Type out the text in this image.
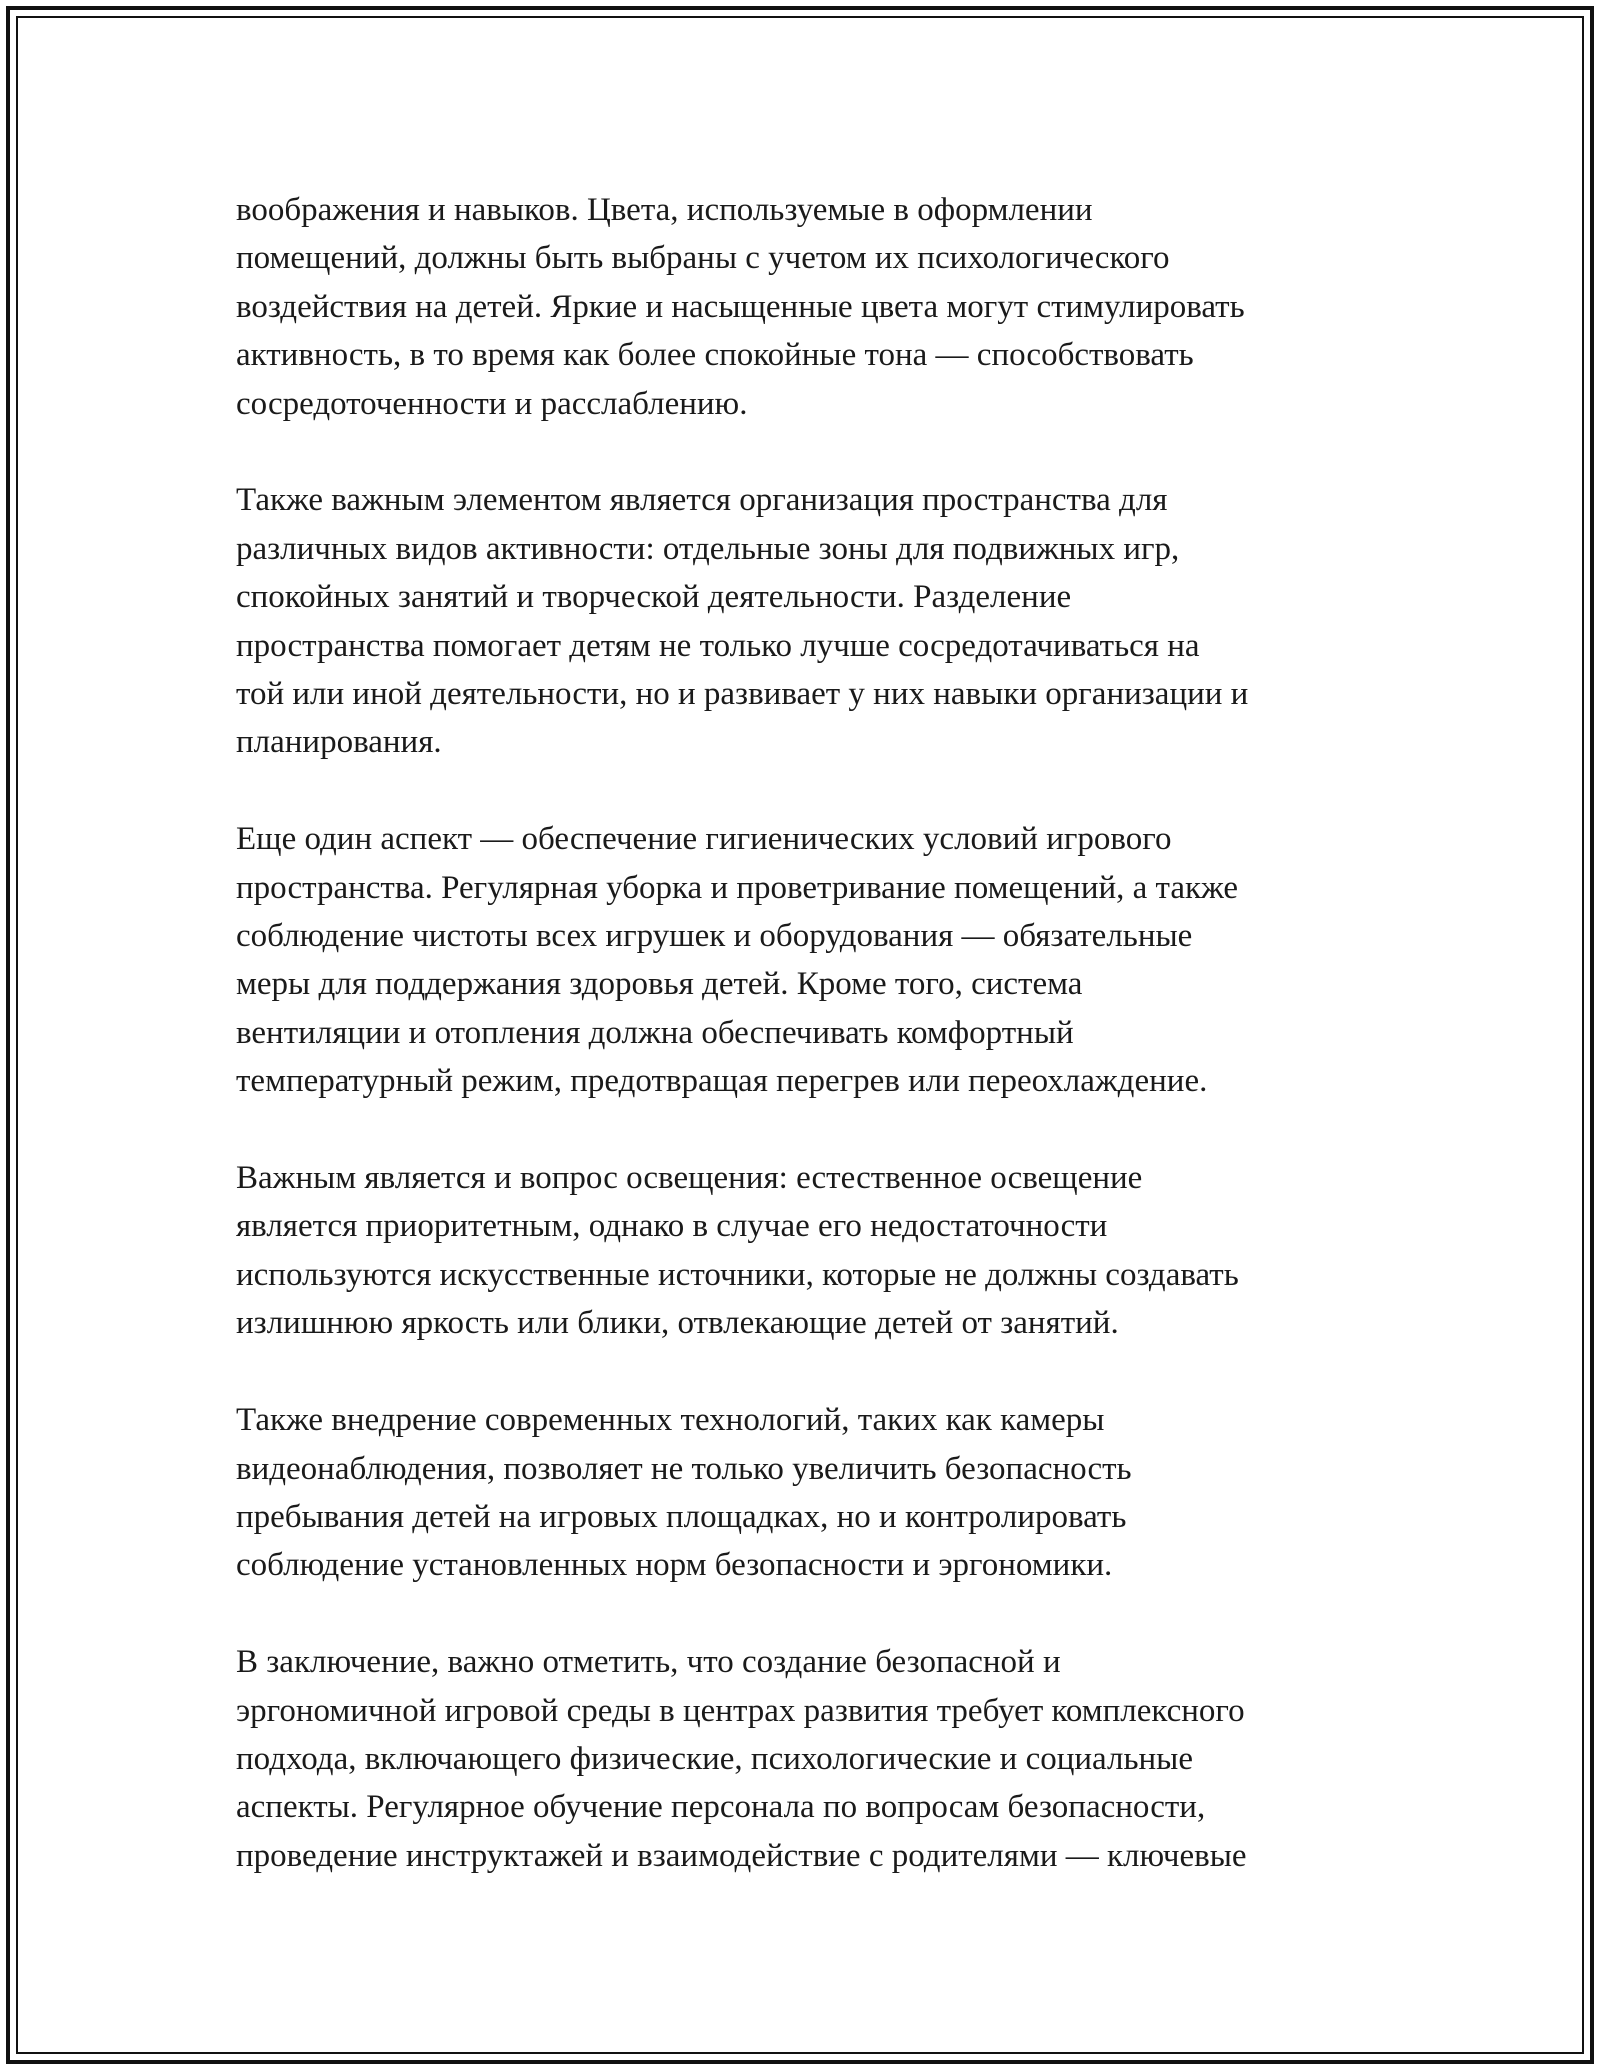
воображения и навыков. Цвета, используемые в оформлении
помещений, должны быть выбраны с учетом их психологического
воздействия на детей. Яркие и насыщенные цвета могут стимулировать
активность, в то время как более спокойные тона — способствовать
сосредоточенности и расслаблению.

Также важным элементом является организация пространства для
различных видов активности: отдельные зоны для подвижных игр,
спокойных занятий и творческой деятельности. Разделение
пространства помогает детям не только лучше сосредотачиваться на
той или иной деятельности, но и развивает у них навыки организации и
планирования.

Еще один аспект — обеспечение гигиенических условий игрового
пространства. Регулярная уборка и проветривание помещений, а также
соблюдение чистоты всех игрушек и оборудования — обязательные
меры для поддержания здоровья детей. Кроме того, система
вентиляции и отопления должна обеспечивать комфортный
температурный режим, предотвращая перегрев или переохлаждение.

Важным является и вопрос освещения: естественное освещение
является приоритетным, однако в случае его недостаточности
используются искусственные источники, которые не должны создавать
излишнюю яркость или блики, отвлекающие детей от занятий.

Также внедрение современных технологий, таких как камеры
видеонаблюдения, позволяет не только увеличить безопасность
пребывания детей на игровых площадках, но и контролировать
соблюдение установленных норм безопасности и эргономики.

В заключение, важно отметить, что создание безопасной и
эргономичной игровой среды в центрах развития требует комплексного
подхода, включающего физические, психологические и социальные
аспекты. Регулярное обучение персонала по вопросам безопасности,
проведение инструктажей и взаимодействие с родителями — ключевые
